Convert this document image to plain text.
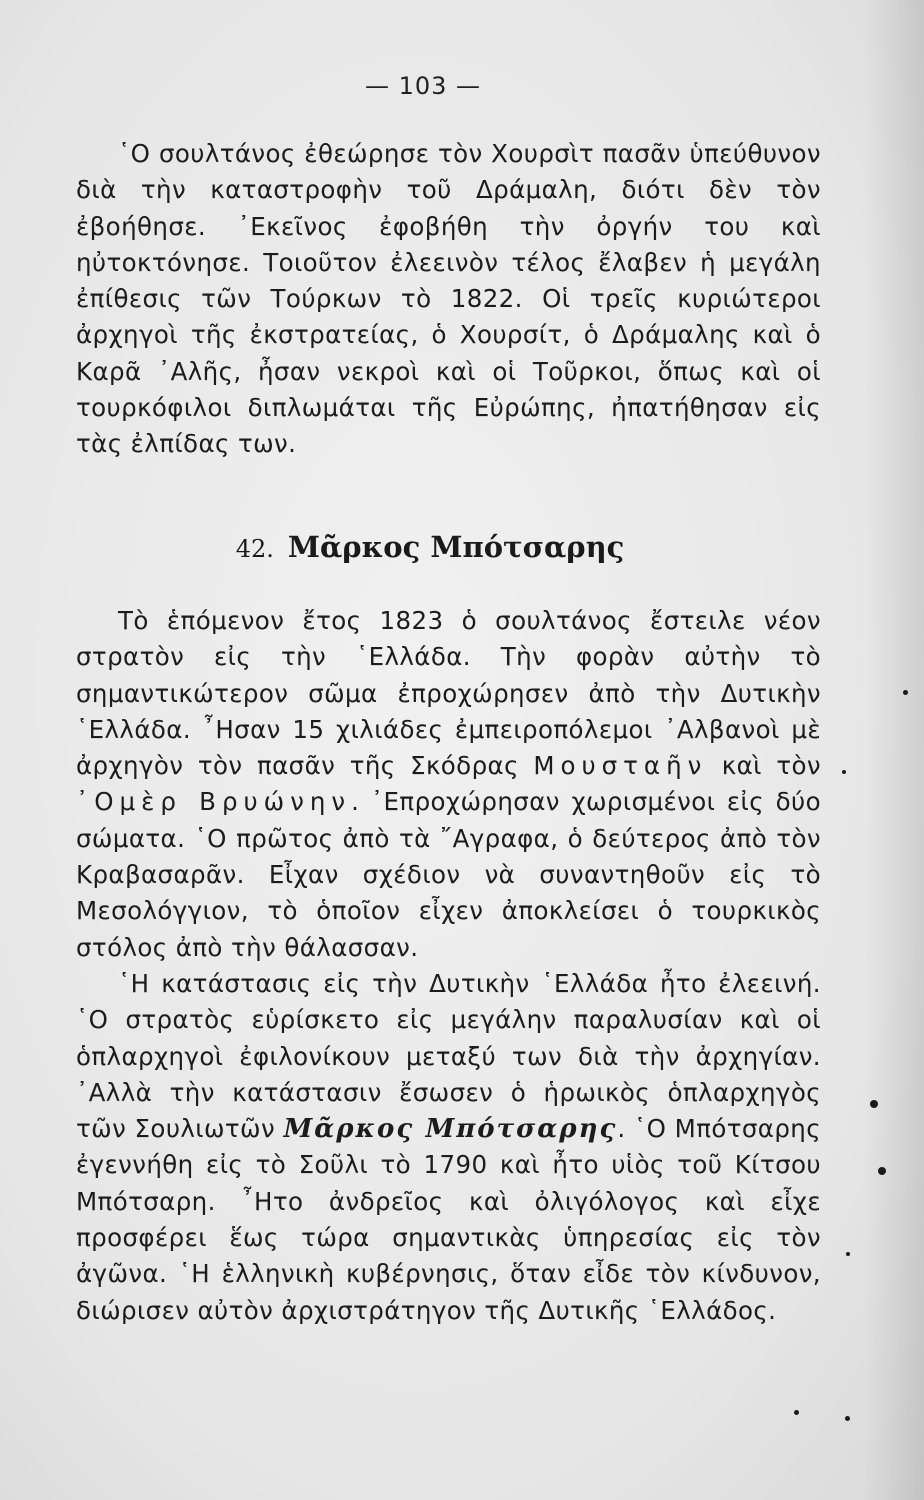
— 103 —

῾Ο σουλτάνος ἐθεώρησε τὸν Χουρσὶτ πασᾶν ὑπεύθυνον διὰ τὴν καταστροφὴν τοῦ Δράμαλη, διότι δὲν τὸν ἐβοήθησε. ᾿Εκεῖνος ἐφοβήθη τὴν ὀργήν του καὶ ηὐτοκτόνησε. Τοιοῦτον ἐλεεινὸν τέλος ἔλαβεν ἡ μεγάλη ἐπίθεσις τῶν Τούρκων τὸ 1822. Οἱ τρεῖς κυριώτεροι ἀρχηγοὶ τῆς ἐκστρατείας, ὁ Χουρσίτ, ὁ Δράμαλης καὶ ὁ Καρᾶ ᾿Αλῆς, ἦσαν νεκροὶ καὶ οἱ Τοῦρκοι, ὅπως καὶ οἱ τουρκόφιλοι διπλωμάται τῆς Εὐρώπης, ἠπατήθησαν εἰς τὰς ἐλπίδας των.

42. Μᾶρκος Μπότσαρης

Τὸ ἑπόμενον ἔτος 1823 ὁ σουλτάνος ἔστειλε νέον στρατὸν εἰς τὴν ῾Ελλάδα. Τὴν φορὰν αὐτὴν τὸ σημαντικώτερον σῶμα ἐπροχώρησεν ἀπὸ τὴν Δυτικὴν ῾Ελλάδα. ῏Ησαν 15 χιλιάδες ἐμπειροπόλεμοι ᾿Αλβανοὶ μὲ ἀρχηγὸν τὸν πασᾶν τῆς Σκόδρας Μουσταῆν καὶ τὸν ᾿Ομὲρ Βρυώνην. ᾿Επροχώρησαν χωρισμένοι εἰς δύο σώματα. ῾Ο πρῶτος ἀπὸ τὰ ῎Αγραφα, ὁ δεύτερος ἀπὸ τὸν Κραβασαρᾶν. Εἶχαν σχέδιον νὰ συναντηθοῦν εἰς τὸ Μεσολόγγιον, τὸ ὁποῖον εἶχεν ἀποκλείσει ὁ τουρκικὸς στόλος ἀπὸ τὴν θάλασσαν.

῾Η κατάστασις εἰς τὴν Δυτικὴν ῾Ελλάδα ἦτο ἐλεεινή. ῾Ο στρατὸς εὑρίσκετο εἰς μεγάλην παραλυσίαν καὶ οἱ ὁπλαρχηγοὶ ἐφιλονίκουν μεταξύ των διὰ τὴν ἀρχηγίαν. ᾿Αλλὰ τὴν κατάστασιν ἔσωσεν ὁ ἡρωικὸς ὁπλαρχηγὸς τῶν Σουλιωτῶν Μᾶρκος Μπότσαρης. ῾Ο Μπότσαρης ἐγεννήθη εἰς τὸ Σοῦλι τὸ 1790 καὶ ἦτο υἱὸς τοῦ Κίτσου Μπότσαρη. ῏Ητο ἀνδρεῖος καὶ ὀλιγόλογος καὶ εἶχε προσφέρει ἕως τώρα σημαντικὰς ὑπηρεσίας εἰς τὸν ἀγῶνα. ῾Η ἑλληνικὴ κυβέρνησις, ὅταν εἶδε τὸν κίνδυνον, διώρισεν αὐτὸν ἀρχιστράτηγον τῆς Δυτικῆς ῾Ελλάδος.
